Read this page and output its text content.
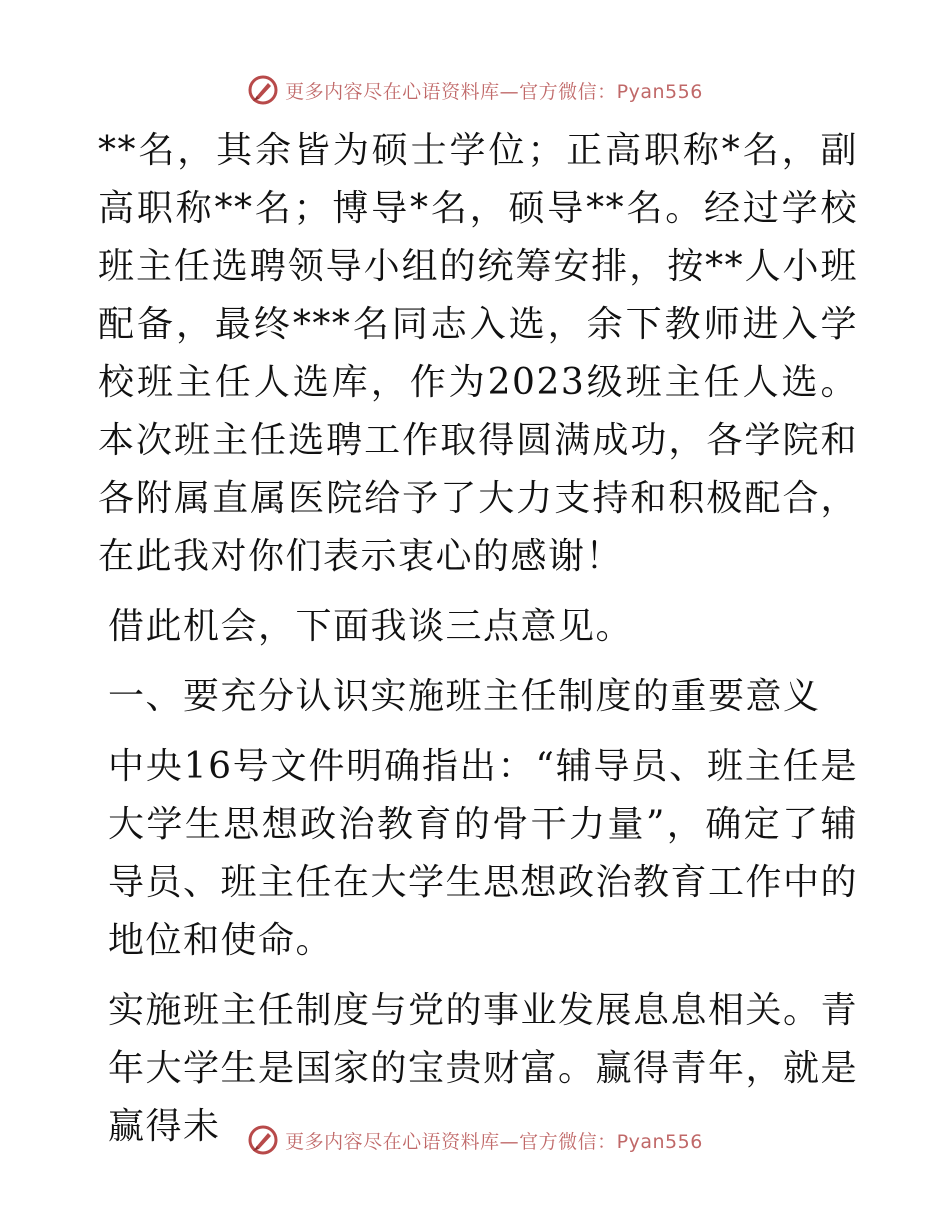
更多内容尽在心语资料库—官方微信：Pyan556

**名，其余皆为硕士学位；正高职称*名，副高职称**名；博导*名，硕导**名。经过学校班主任选聘领导小组的统筹安排，按**人小班配备，最终***名同志入选，余下教师进入学校班主任人选库，作为2023级班主任人选。本次班主任选聘工作取得圆满成功，各学院和各附属直属医院给予了大力支持和积极配合，在此我对你们表示衷心的感谢！

借此机会，下面我谈三点意见。

一、要充分认识实施班主任制度的重要意义

中央16号文件明确指出：“辅导员、班主任是大学生思想政治教育的骨干力量”，确定了辅导员、班主任在大学生思想政治教育工作中的地位和使命。

实施班主任制度与党的事业发展息息相关。青年大学生是国家的宝贵财富。赢得青年，就是赢得未	更多内容尽在心语资料库—官方微信：Pyan556
